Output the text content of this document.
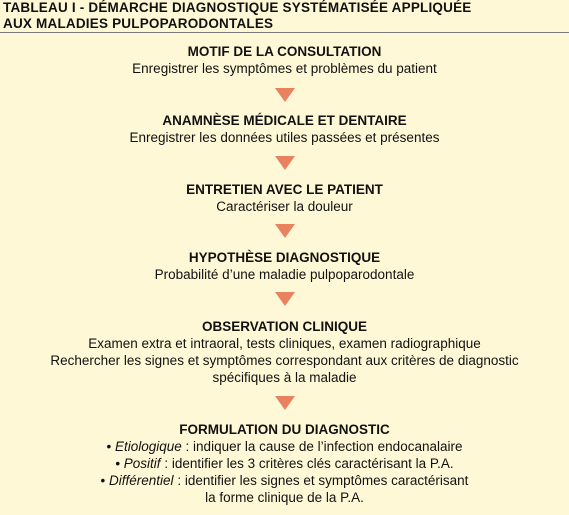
TABLEAU I - DÉMARCHE DIAGNOSTIQUE SYSTÉMATISÉE APPLIQUÉE
AUX MALADIES PULPOPARODONTALES
MOTIF DE LA CONSULTATION
Enregistrer les symptômes et problèmes du patient
ANAMNÈSE MÉDICALE ET DENTAIRE
Enregistrer les données utiles passées et présentes
ENTRETIEN AVEC LE PATIENT
Caractériser la douleur
HYPOTHÈSE DIAGNOSTIQUE
Probabilité d’une maladie pulpoparodontale
OBSERVATION CLINIQUE
Examen extra et intraoral, tests cliniques, examen radiographique
Rechercher les signes et symptômes correspondant aux critères de diagnostic
spécifiques à la maladie
FORMULATION DU DIAGNOSTIC
• Etiologique : indiquer la cause de l’infection endocanalaire
• Positif : identifier les 3 critères clés caractérisant la P.A.
• Différentiel : identifier les signes et symptômes caractérisant
la forme clinique de la P.A.
